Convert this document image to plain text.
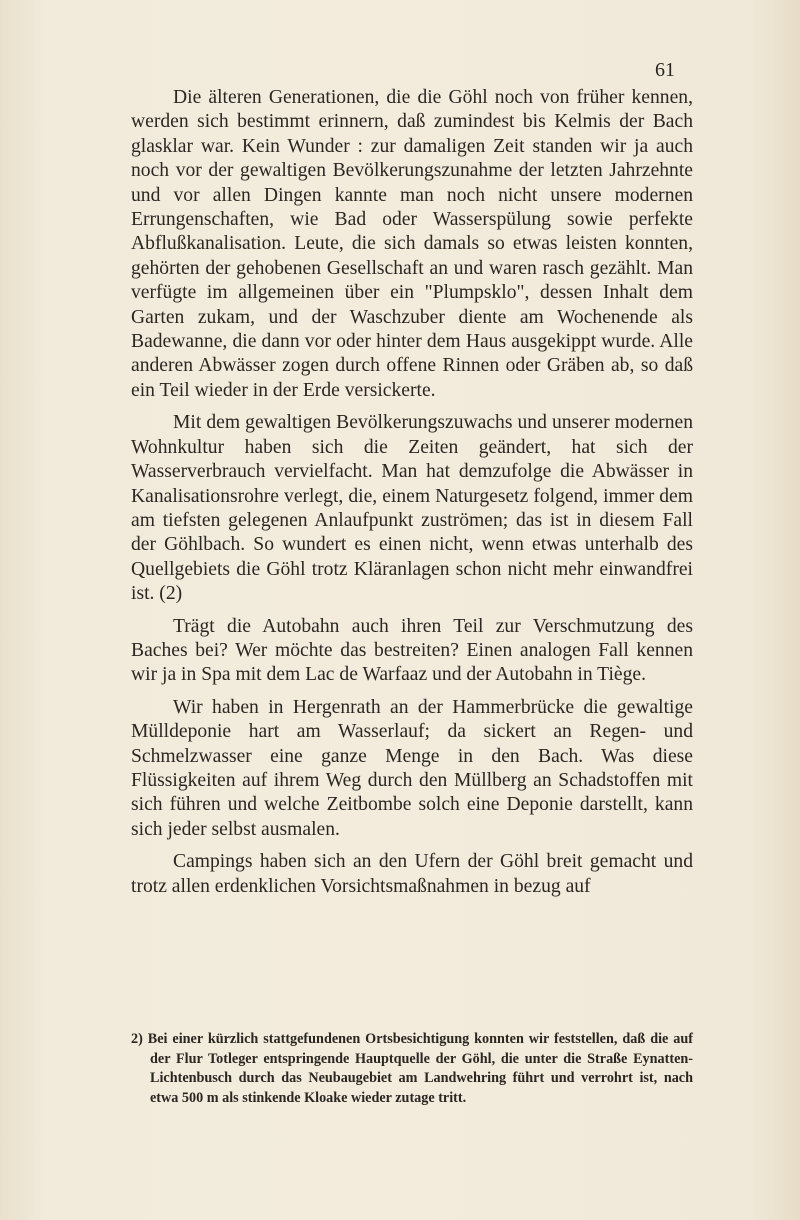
61

Die älteren Generationen, die die Göhl noch von früher kennen, werden sich bestimmt erinnern, daß zumindest bis Kelmis der Bach glasklar war. Kein Wunder : zur damaligen Zeit standen wir ja auch noch vor der gewaltigen Bevölkerungszunahme der letzten Jahrzehnte und vor allen Dingen kannte man noch nicht unsere modernen Errungenschaften, wie Bad oder Wasserspülung sowie perfekte Abflußkanalisation. Leute, die sich damals so etwas leisten konnten, gehörten der gehobenen Gesellschaft an und waren rasch gezählt. Man verfügte im allgemeinen über ein "Plumpsklo", dessen Inhalt dem Garten zukam, und der Waschzuber diente am Wochenende als Badewanne, die dann vor oder hinter dem Haus ausgekippt wurde. Alle anderen Abwässer zogen durch offene Rinnen oder Gräben ab, so daß ein Teil wieder in der Erde versickerte.

Mit dem gewaltigen Bevölkerungszuwachs und unserer modernen Wohnkultur haben sich die Zeiten geändert, hat sich der Wasserverbrauch vervielfacht. Man hat demzufolge die Abwässer in Kanalisationsrohre verlegt, die, einem Naturgesetz folgend, immer dem am tiefsten gelegenen Anlaufpunkt zuströmen; das ist in diesem Fall der Göhlbach. So wundert es einen nicht, wenn etwas unterhalb des Quellgebiets die Göhl trotz Kläranlagen schon nicht mehr einwandfrei ist. (2)

Trägt die Autobahn auch ihren Teil zur Verschmutzung des Baches bei? Wer möchte das bestreiten? Einen analogen Fall kennen wir ja in Spa mit dem Lac de Warfaaz und der Autobahn in Tiège.

Wir haben in Hergenrath an der Hammerbrücke die gewaltige Mülldeponie hart am Wasserlauf; da sickert an Regen- und Schmelzwasser eine ganze Menge in den Bach. Was diese Flüssigkeiten auf ihrem Weg durch den Müllberg an Schadstoffen mit sich führen und welche Zeitbombe solch eine Deponie darstellt, kann sich jeder selbst ausmalen.

Campings haben sich an den Ufern der Göhl breit gemacht und trotz allen erdenklichen Vorsichtsmaßnahmen in bezug auf

2) Bei einer kürzlich stattgefundenen Ortsbesichtigung konnten wir feststellen, daß die auf der Flur Totleger entspringende Hauptquelle der Göhl, die unter die Straße Eynatten-Lichtenbusch durch das Neubaugebiet am Landwehring führt und verrohrt ist, nach etwa 500 m als stinkende Kloake wieder zutage tritt.
